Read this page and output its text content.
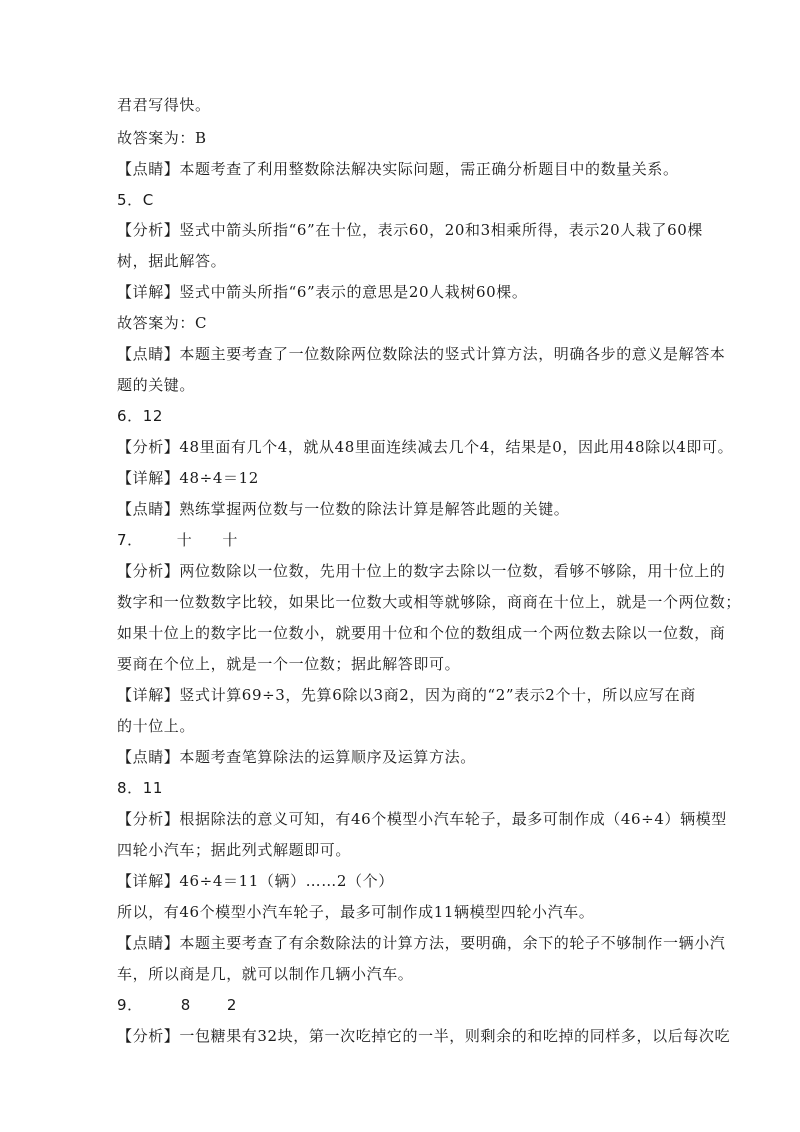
君君写得快。
故答案为：B
【点睛】本题考查了利用整数除法解决实际问题，需正确分析题目中的数量关系。
5．C
【分析】竖式中箭头所指“6”在十位，表示60，20和3相乘所得，表示20人栽了60棵
树，据此解答。
【详解】竖式中箭头所指“6”表示的意思是20人栽树60棵。
故答案为：C
【点睛】本题主要考查了一位数除两位数除法的竖式计算方法，明确各步的意义是解答本
题的关键。
6．12
【分析】48里面有几个4，就从48里面连续减去几个4，结果是0，因此用48除以4即可。
【详解】48÷4＝12
【点睛】熟练掌握两位数与一位数的除法计算是解答此题的关键。
7． 十 十
【分析】两位数除以一位数，先用十位上的数字去除以一位数，看够不够除，用十位上的
数字和一位数数字比较，如果比一位数大或相等就够除，商商在十位上，就是一个两位数；
如果十位上的数字比一位数小，就要用十位和个位的数组成一个两位数去除以一位数，商
要商在个位上，就是一个一位数；据此解答即可。
【详解】竖式计算69÷3，先算6除以3商2，因为商的“2”表示2个十，所以应写在商
的十位上。
【点睛】本题考查笔算除法的运算顺序及运算方法。
8．11
【分析】根据除法的意义可知，有46个模型小汽车轮子，最多可制作成（46÷4）辆模型
四轮小汽车；据此列式解题即可。
【详解】46÷4＝11（辆）……2（个）
所以，有46个模型小汽车轮子，最多可制作成11辆模型四轮小汽车。
【点睛】本题主要考查了有余数除法的计算方法，要明确，余下的轮子不够制作一辆小汽
车，所以商是几，就可以制作几辆小汽车。
9．	8 2
【分析】一包糖果有32块，第一次吃掉它的一半，则剩余的和吃掉的同样多，以后每次吃
